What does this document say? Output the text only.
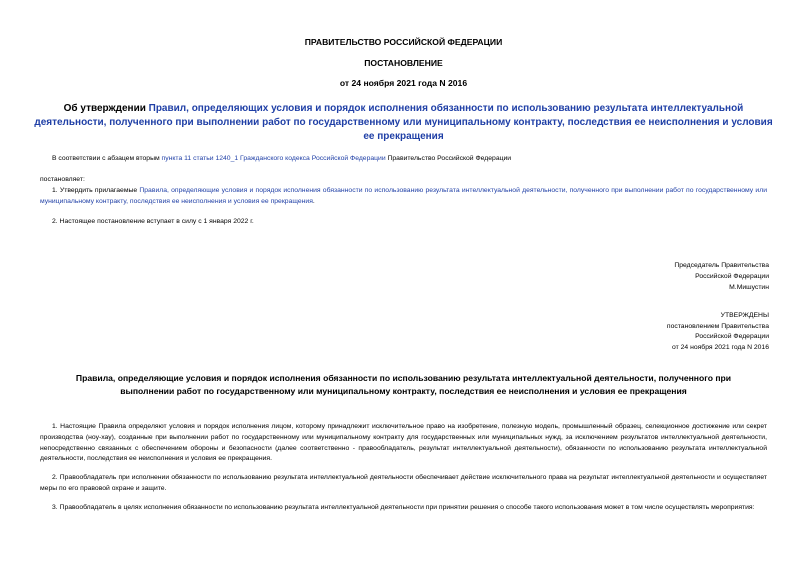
ПРАВИТЕЛЬСТВО РОССИЙСКОЙ ФЕДЕРАЦИИ
ПОСТАНОВЛЕНИЕ
от 24 ноября 2021 года N 2016
Об утверждении Правил, определяющих условия и порядок исполнения обязанности по использованию результата интеллектуальной деятельности, полученного при выполнении работ по государственному или муниципальному контракту, последствия ее неисполнения и условия ее прекращения
В соответствии с абзацем вторым пункта 11 статьи 1240_1 Гражданского кодекса Российской Федерации Правительство Российской Федерации
постановляет:
1. Утвердить прилагаемые Правила, определяющие условия и порядок исполнения обязанности по использованию результата интеллектуальной деятельности, полученного при выполнении работ по государственному или муниципальному контракту, последствия ее неисполнения и условия ее прекращения.
2. Настоящее постановление вступает в силу с 1 января 2022 г.
Председатель Правительства
Российской Федерации
М.Мишустин
УТВЕРЖДЕНЫ
постановлением Правительства
Российской Федерации
от 24 ноября 2021 года N 2016
Правила, определяющие условия и порядок исполнения обязанности по использованию результата интеллектуальной деятельности, полученного при выполнении работ по государственному или муниципальному контракту, последствия ее неисполнения и условия ее прекращения
1. Настоящие Правила определяют условия и порядок исполнения лицом, которому принадлежит исключительное право на изобретение, полезную модель, промышленный образец, селекционное достижение или секрет производства (ноу-хау), созданные при выполнении работ по государственному или муниципальному контракту для государственных или муниципальных нужд, за исключением результатов интеллектуальной деятельности, непосредственно связанных с обеспечением обороны и безопасности (далее соответственно - правообладатель, результат интеллектуальной деятельности), обязанности по использованию результата интеллектуальной деятельности, последствия ее неисполнения и условия ее прекращения.
2. Правообладатель при исполнении обязанности по использованию результата интеллектуальной деятельности обеспечивает действие исключительного права на результат интеллектуальной деятельности и осуществляет меры по его правовой охране и защите.
3. Правообладатель в целях исполнения обязанности по использованию результата интеллектуальной деятельности при принятии решения о способе такого использования может в том числе осуществлять мероприятия:
